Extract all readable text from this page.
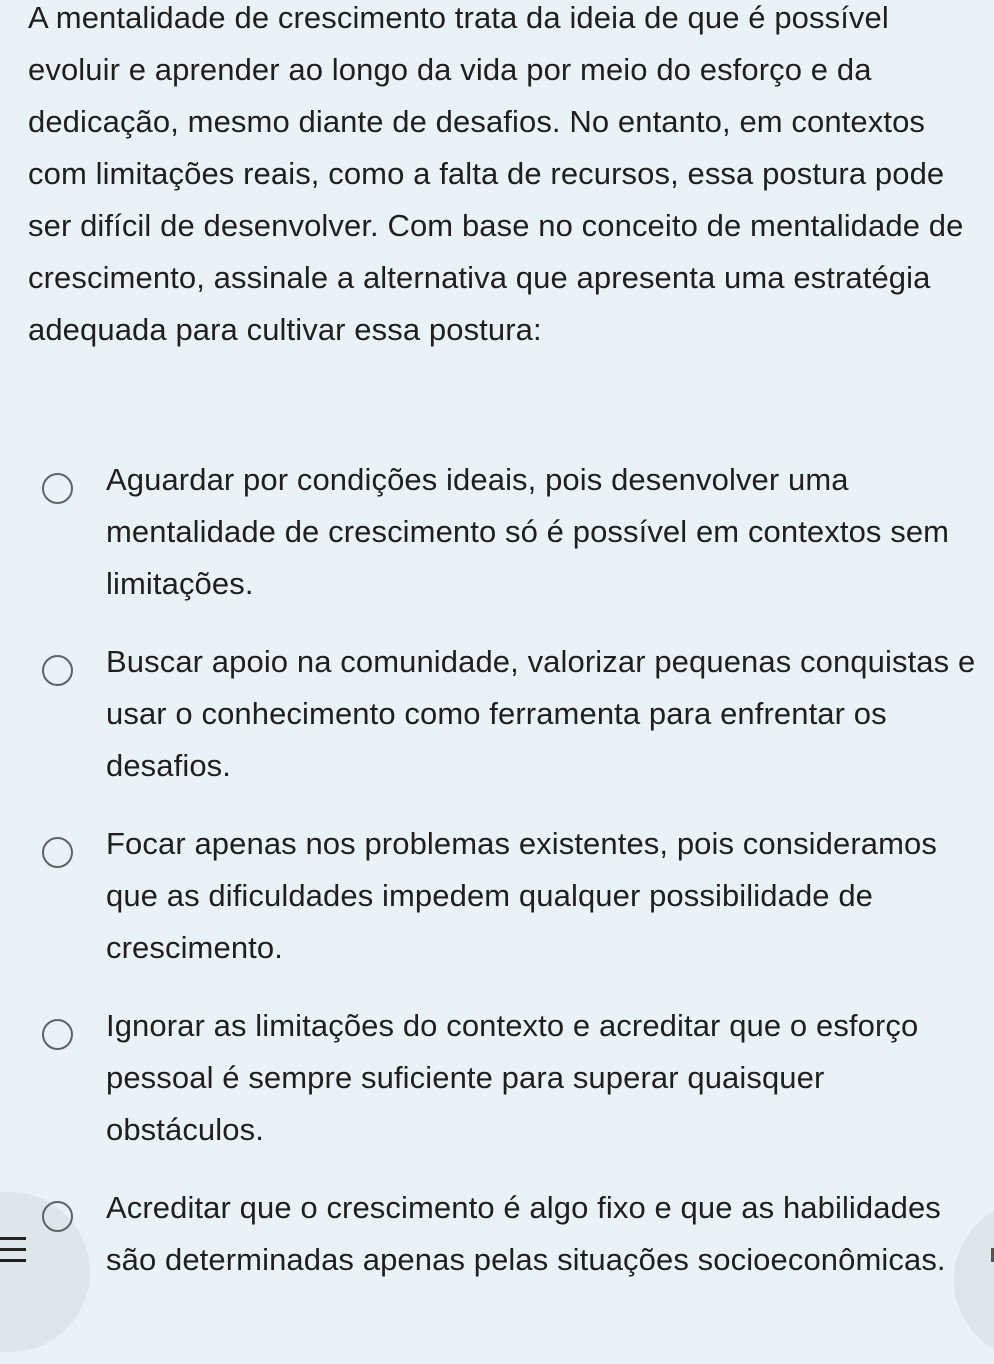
A mentalidade de crescimento trata da ideia de que é possível evoluir e aprender ao longo da vida por meio do esforço e da dedicação, mesmo diante de desafios. No entanto, em contextos com limitações reais, como a falta de recursos, essa postura pode ser difícil de desenvolver. Com base no conceito de mentalidade de crescimento, assinale a alternativa que apresenta uma estratégia adequada para cultivar essa postura:

Aguardar por condições ideais, pois desenvolver uma mentalidade de crescimento só é possível em contextos sem limitações.
Buscar apoio na comunidade, valorizar pequenas conquistas e usar o conhecimento como ferramenta para enfrentar os desafios.
Focar apenas nos problemas existentes, pois consideramos que as dificuldades impedem qualquer possibilidade de crescimento.
Ignorar as limitações do contexto e acreditar que o esforço pessoal é sempre suficiente para superar quaisquer obstáculos.
Acreditar que o crescimento é algo fixo e que as habilidades são determinadas apenas pelas situações socioeconômicas.
